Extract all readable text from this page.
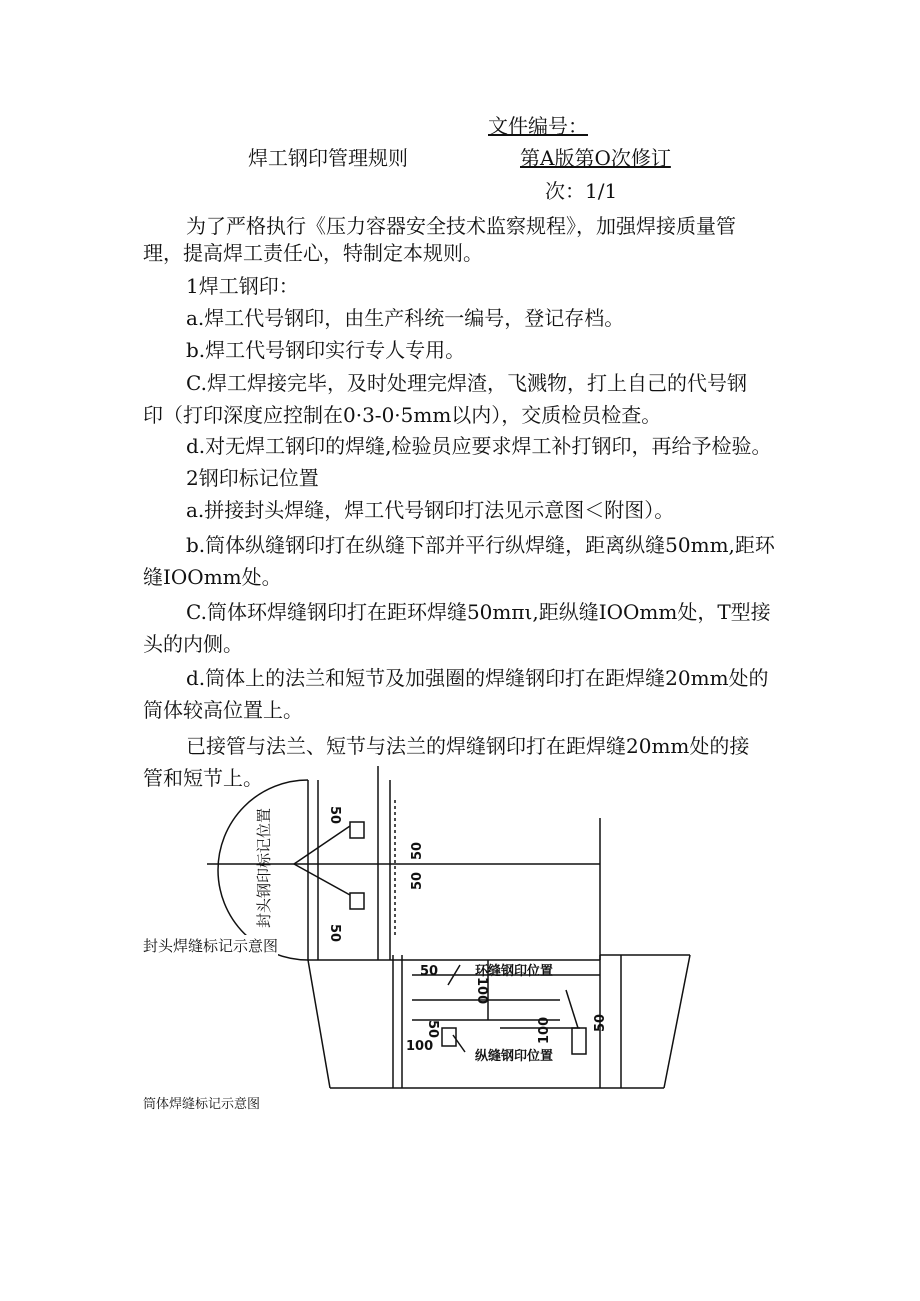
文件编号：
焊工钢印管理规则	第A版第O次修订
次：1/1
为了严格执行《压力容器安全技术监察规程》，加强焊接质量管
理，提高焊工责任心，特制定本规则。
1焊工钢印：
a.焊工代号钢印，由生产科统一编号，登记存档。
b.焊工代号钢印实行专人专用。
C.焊工焊接完毕，及时处理完焊渣，飞溅物，打上自己的代号钢
印（打印深度应控制在0·3-0·5mm以内），交质检员检查。
d.对无焊工钢印的焊缝,检验员应要求焊工补打钢印，再给予检验。
2钢印标记位置
a.拼接封头焊缝，焊工代号钢印打法见示意图＜附图）。
b.筒体纵缝钢印打在纵缝下部并平行纵焊缝，距离纵缝50mm,距环
缝IOOmm处。
C.筒体环焊缝钢印打在距环焊缝50mπι,距纵缝IOOmm处，T型接
头的内侧。
d.筒体上的法兰和短节及加强圈的焊缝钢印打在距焊缝20mm处的
筒体较高位置上。
已接管与法兰、短节与法兰的焊缝钢印打在距焊缝20mm处的接
管和短节上。
封头钢印标记位置	50
50
50
50
50	环缝钢印位置
100
50
100
纵缝钢印位置
100	50
封头焊缝标记示意图
筒体焊缝标记示意图
